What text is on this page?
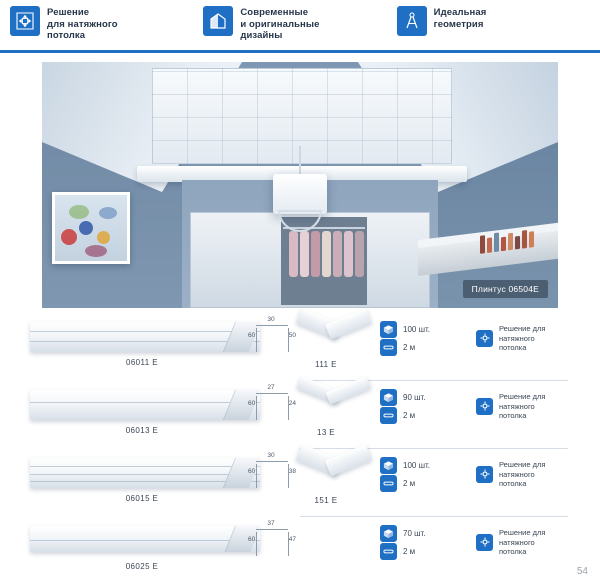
Решение
для натяжного
потолка
Современные
и оригинальные
дизайны
Идеальная
геометрия
Плинтус 06504E
30
60	50
06011 Е	111 Е
100 шт.
2 м
Решение для
натяжного
потолка
27
60	24
06013 Е	13 Е
90 шт.
2 м
Решение для
натяжного
потолка
30
60	38
06015 Е	151 Е
100 шт.
2 м
Решение для
натяжного
потолка
37
60	47
06025 Е
70 шт.
2 м
Решение для
натяжного
потолка
54
